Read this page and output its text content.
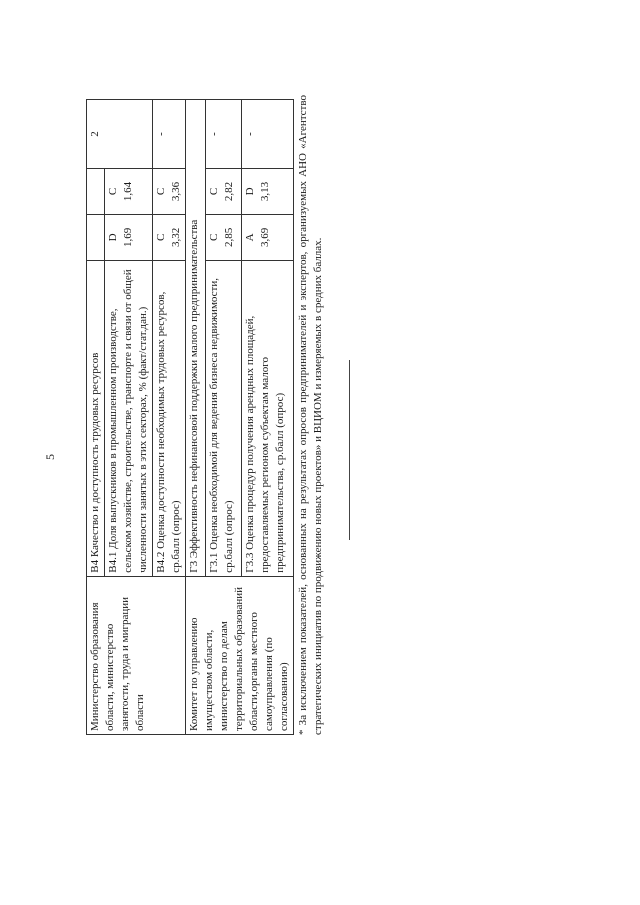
5
Министерство образования области, министерство занятости, труда и миграции области	В4 Качество и доступность трудовых ресурсов			2
	В4.1 Доля выпускников в промышленном производстве, сельском хозяйстве, строительстве, транспорте и связи от общей численности занятых в этих секторах, % (факт/стат.дан.)	D 1,69	C 1,64	

	В4.2 Оценка доступности необходимых трудовых ресурсов, ср.балл (опрос)	C 3,32	C 3,36	-
Комитет по управлению имуществом области, министерство по делам территориальных образований области,органы местного самоуправления (по согласованию)	Г3 Эффективность нефинансовой поддержки малого предпринимательства			
	Г3.1 Оценка необходимой для ведения бизнеса недвижимости, ср.балл (опрос)	C 2,85	C 2,82	-
	Г3.3 Оценка процедур получения арендных площадей, предоставляемых регионом субъектам малого предпринимательства, ср.балл (опрос)	A 3,69	D 3,13	-	* За исключением показателей, основанных на результатах опросов предпринимателей и экспертов, организуемых АНО «Агентство стратегических инициатив по продвижению новых проектов» и ВЦИОМ и измеряемых в средних баллах.
